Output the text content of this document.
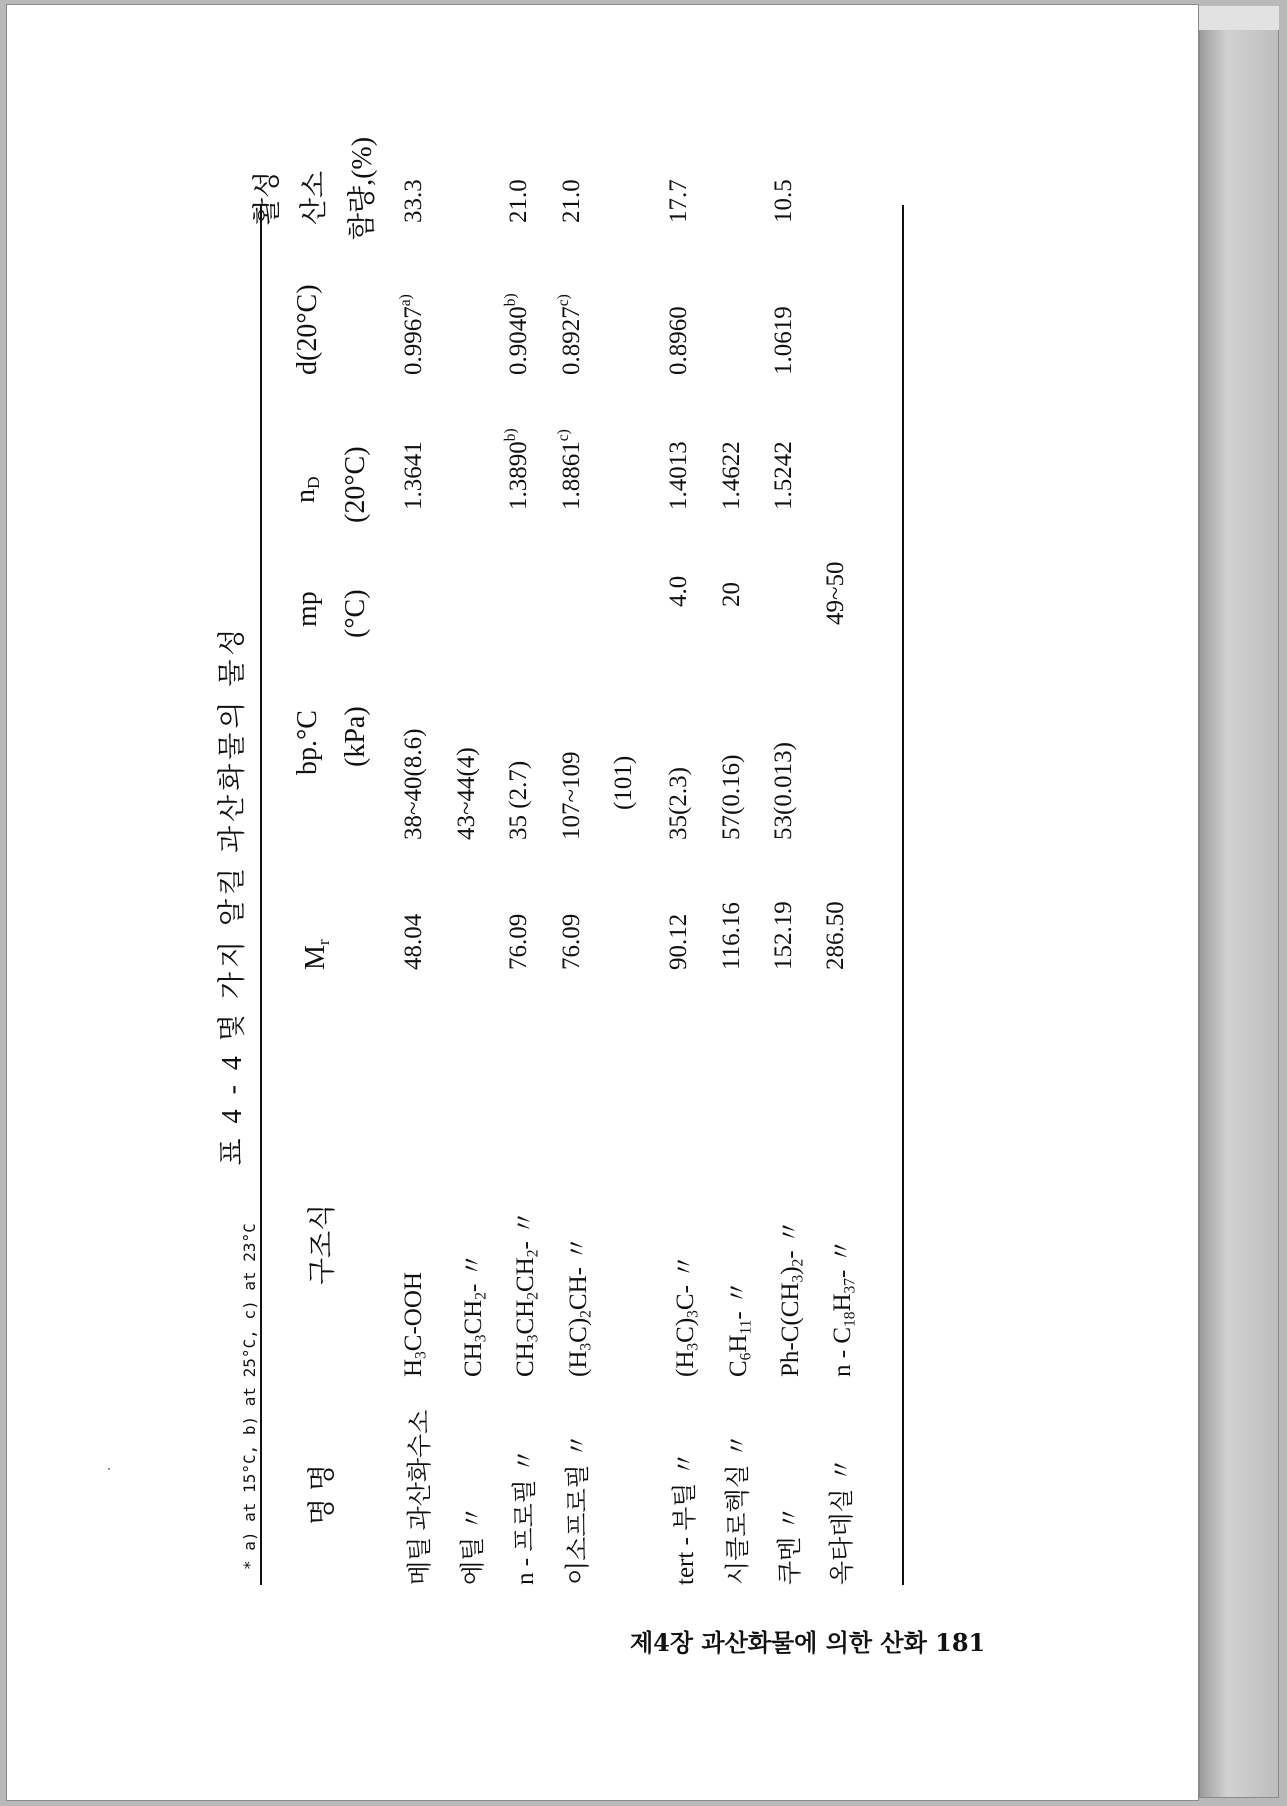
표 4 - 4 몇 가지 알킬 과산화물의 물성
명 명
구조식
$M_r$
bp.°C (kPa)
mp (°C)
$n_D$ (20°C)
d(20°C)
활성 산소 함량,(%)
메틸 과산화수소
$H_3C$-OOH
48.04
38~40(8.6)
1.3641
0.9967$^{a)}$
33.3
에틸 〃
$CH_3CH_2-$ 〃
43~44(4)
n - 프로필 〃
$CH_3CH_2CH_2-$ 〃
76.09
35 (2.7)
1.3890$^{b)}$
0.9040$^{b)}$
21.0
이소프로필 〃
$(H_3C)_2CH-$ 〃
76.09
107~109 (101)
1.8861$^{c)}$
0.8927$^{c)}$
21.0
tert - 부틸 〃
$(H_3C)_3C-$ 〃
90.12
35(2.3)
4.0
1.4013
0.8960
17.7
시클로헥실 〃
$C_6H_{11}-$ 〃
116.16
57(0.16)
20
1.4622
쿠멘 〃
$Ph-C(CH_3)_2-$ 〃
152.19
53(0.013)
1.5242
1.0619
10.5
옥타데실 〃
n - $C_{18}H_{37}-$ 〃
286.50
49~50
* a) at 15°C, b) at 25°C, c) at 23°C
제4장 과산화물에 의한 산화 181
